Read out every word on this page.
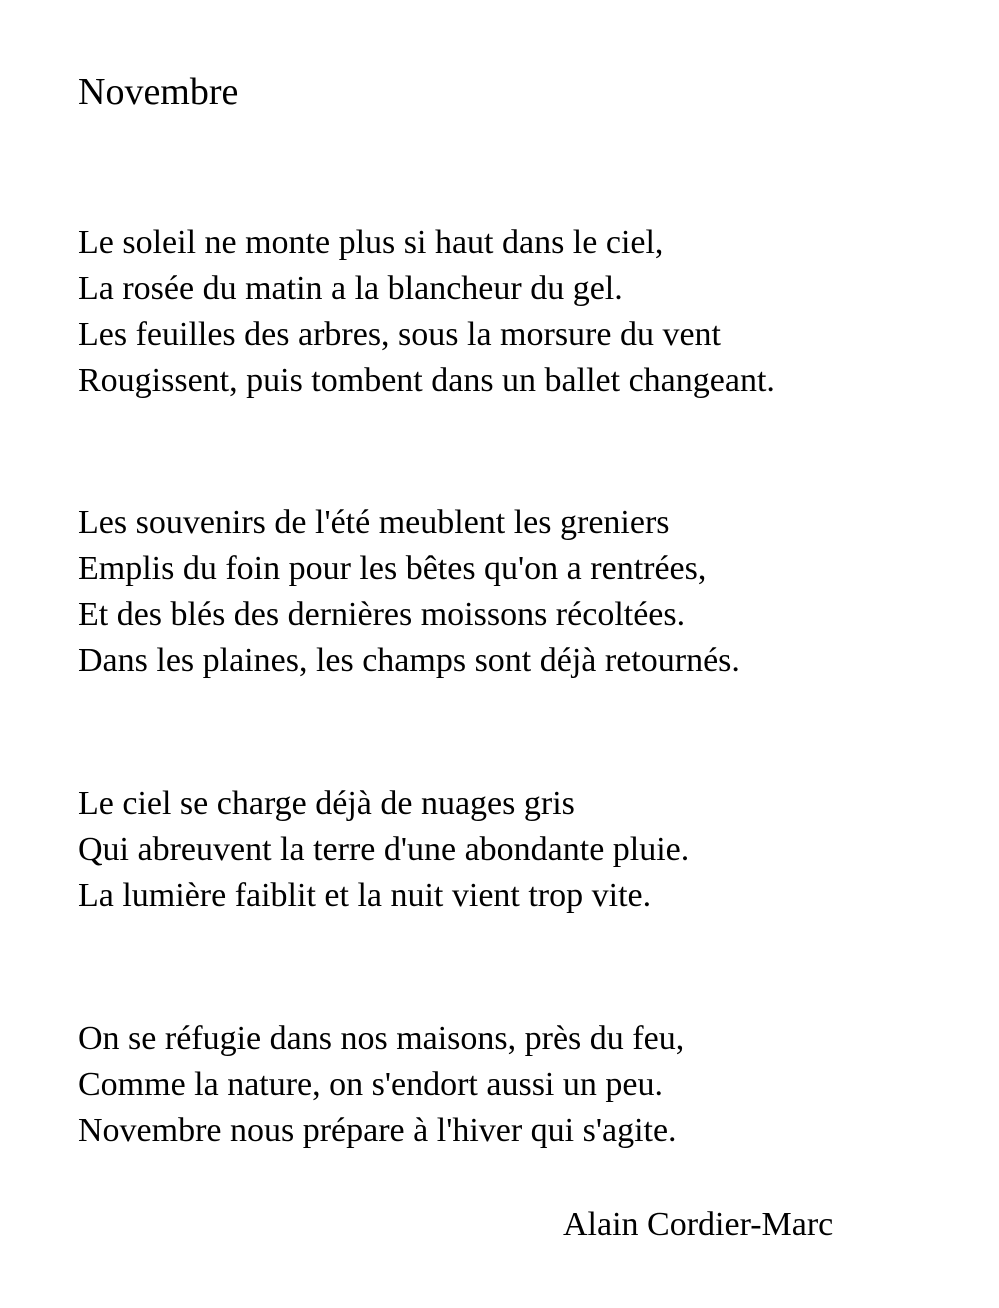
Novembre
Le soleil ne monte plus si haut dans le ciel,
La rosée du matin a la blancheur du gel.
Les feuilles des arbres, sous la morsure du vent
Rougissent, puis tombent dans un ballet changeant.
Les souvenirs de l'été meublent les greniers
Emplis du foin pour les bêtes qu'on a rentrées,
Et des blés des dernières moissons récoltées.
Dans les plaines, les champs sont déjà retournés.
Le ciel se charge déjà de nuages gris
Qui abreuvent la terre d'une abondante pluie.
La lumière faiblit et la nuit vient trop vite.
On se réfugie dans nos maisons, près du feu,
Comme la nature, on s'endort aussi un peu.
Novembre nous prépare à l'hiver qui s'agite.
Alain Cordier-Marc
